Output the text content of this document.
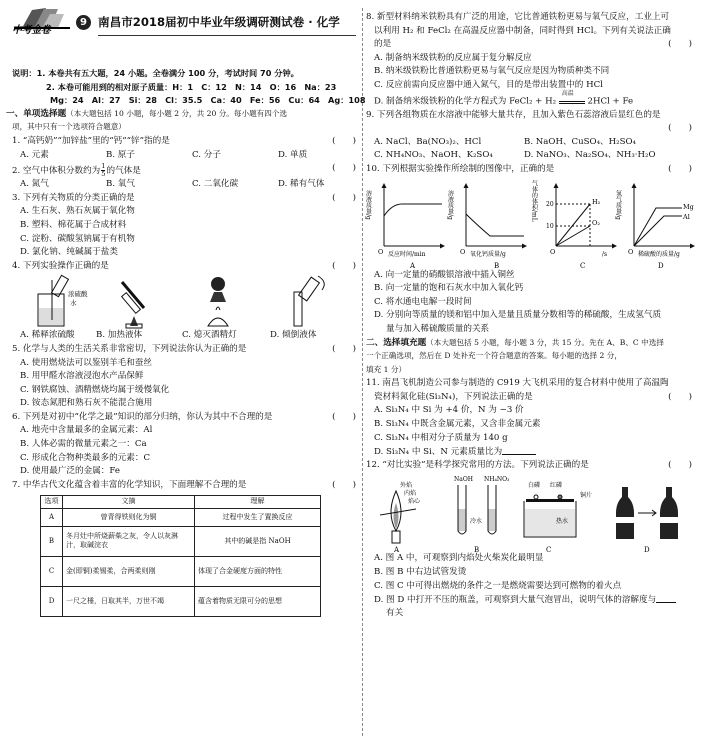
中考金卷
9 南昌市2018届初中毕业年级调研测试卷 · 化学
说明：1. 本卷共有五大题，24 小题。全卷满分 100 分，考试时间 70 分钟。
2. 本卷可能用到的相对原子质量：H：1　C：12　N：14　O：16　Na：23
Mg：24　Al：27　Si：28　Cl：35.5　Ca：40　Fe：56　Cu：64　Ag：108
一、单项选择题（本大题包括 10 小题，每小题 2 分，共 20 分。每小题有四个选
项，其中只有一个选项符合题意）
1. “高钙奶”“加锌盐”里的“钙”“锌”指的是	(　　)
A. 元素	B. 原子	C. 分子	D. 单质
2. 空气中体积分数约为 $\frac{1}{5}$ 的气体是	(　　)
A. 氮气	B. 氧气	C. 二氧化碳	D. 稀有气体
3. 下列有关物质的分类正确的是	(　　)
A. 生石灰、熟石灰属于氧化物
B. 塑料、棉花属于合成材料
C. 淀粉、碳酸氢钠属于有机物
D. 氯化钠、纯碱属于盐类
4. 下列实验操作正确的是	(　　)
浓硫酸
水
A. 稀释浓硫酸 B. 加热液体	C. 熄灭酒精灯	D. 倾倒液体
5. 化学与人类的生活关系非常密切，下列说法你认为正确的是	(　　)
A. 使用燃烧法可以鉴别羊毛和蚕丝
B. 用甲醛水溶液浸泡水产品保鲜
C. 钢铁腐蚀、酒精燃烧均属于缓慢氧化
D. 铵态氮肥和熟石灰不能混合施用
6. 下列是对初中“化学之最”知识的部分归纳，你认为其中不合理的是	(　　)
A. 地壳中含量最多的金属元素：Al
B. 人体必需的微量元素之一：Ca
C. 形成化合物种类最多的元素：C
D. 使用最广泛的金属：Fe
7. 中华古代文化蕴含着丰富的化学知识，下面理解不合理的是	(　　)
选项	文摘	理解
A	曾青得铁则化为铜	过程中发生了置换反应
B	冬月灶中所烧薪柴之灰，令人以灰淋汁，取碱浣衣	其中的碱是指 NaOH
C	金(即铜)柔锡柔，合两柔则刚	体现了合金硬度方面的特性
D	一尺之棰，日取其半，万世不竭	蕴含着物质无限可分的思想
8. 新型材料纳米铁粉具有广泛的用途，它比普通铁粉更易与氧气反应，工业上可
以利用 H₂ 和 FeCl₂ 在高温反应器中制备，同时得到 HCl。下列有关说法正确
的是	(　　)
A. 制备纳米级铁粉的反应属于复分解反应
B. 纳米级铁粉比普通铁粉更易与氧气反应是因为物质种类不同
C. 反应前需向反应器中通入氮气，目的是带出装置中的 HCl
D. 制备纳米级铁粉的化学方程式为 FeCl₂ + H₂
高温
2HCl + Fe
9. 下列各组物质在水溶液中能够大量共存，且加入紫色石蕊溶液后显红色的是
(　　)
A. NaCl、Ba(NO₃)₂、HCl	B. NaOH、CuSO₄、H₂SO₄
C. NH₄NO₃、NaOH、K₂SO₄	D. NaNO₃、Na₂SO₄、NH₃·H₂O
10. 下列根据实验操作所绘制的图像中，正确的是	(　　)
溶液质量/g
反应时间/min
O
A
溶液质量/g
氧化钙质量/g
O
B
H₂
O₂
20
10
气体的体积/mL
/s
O
C
Mg
Al
氢气质量/g
稀硫酸的质量/g
O
D
A. 向一定量的硝酸银溶液中插入铜丝
B. 向一定量的饱和石灰水中加入氧化钙
C. 将水通电电解一段时间
D. 分别向等质量的镁和铝中加入是量且质量分数相等的稀硫酸，生成氢气质
量与加入稀硫酸质量的关系
二、选择填充题（本大题包括 5 小题，每小题 3 分，共 15 分。先在 A、B、C 中选择
一个正确选项，然后在 D 处补充一个符合题意的答案。每小题的选择 2 分，
填充 1 分）
11. 南昌飞机制造公司参与制造的 C919 大飞机采用的复合材料中使用了高温陶
瓷材料氮化硅(Si₃N₄)，下列说法正确的是	(　　)
A. Si₃N₄ 中 Si 为 +4 价，N 为 −3 价
B. Si₃N₄ 中既含金属元素，又含非金属元素
C. Si₃N₄ 中相对分子质量为 140 g
D. Si₃N₄ 中 Si、N 元素质量比为
12. “对比实验”是科学探究常用的方法。下列说法正确的是	(　　)
外焰
内焰
焰心
A
NaOH NH₄NO₃
冷水
B
白磷 红磷
铜片
热水
C	D
A. 图 A 中，可观察到内焰处火柴炭化最明显
B. 图 B 中右边试管发烫
C. 图 C 中可得出燃烧的条件之一是燃烧需要达到可燃物的着火点
D. 图 D 中打开不压的瓶盖，可观察到大量气泡冒出，说明气体的溶解度与
有关
